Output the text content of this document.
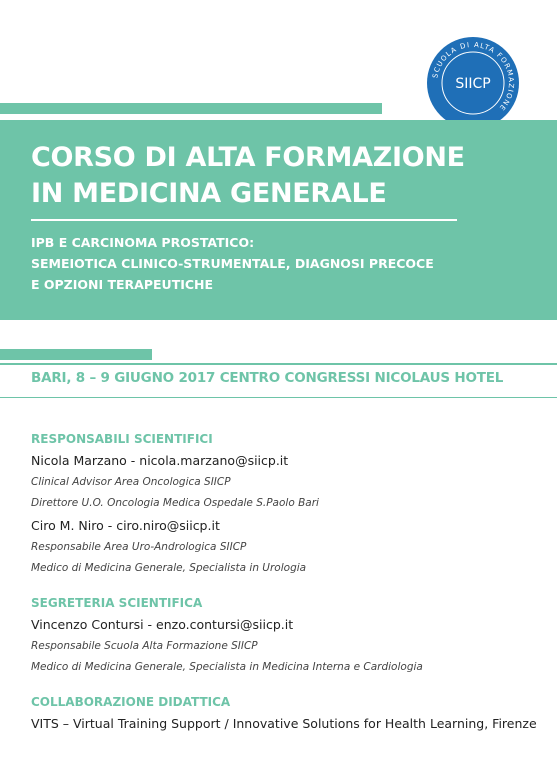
SCUOLA DI ALTA FORMAZIONE
SIICP
CORSO DI ALTA FORMAZIONE
IN MEDICINA GENERALE

IPB E CARCINOMA PROSTATICO:
SEMEIOTICA CLINICO-STRUMENTALE, DIAGNOSI PRECOCE
E OPZIONI TERAPEUTICHE

BARI, 8 – 9 GIUGNO 2017 CENTRO CONGRESSI NICOLAUS HOTEL

RESPONSABILI SCIENTIFICI

Nicola Marzano - nicola.marzano@siicp.it

Clinical Advisor Area Oncologica SIICP

Direttore U.O. Oncologia Medica Ospedale S.Paolo Bari

Ciro M. Niro - ciro.niro@siicp.it

Responsabile Area Uro-Andrologica SIICP

Medico di Medicina Generale, Specialista in Urologia

SEGRETERIA SCIENTIFICA

Vincenzo Contursi - enzo.contursi@siicp.it

Responsabile Scuola Alta Formazione SIICP

Medico di Medicina Generale, Specialista in Medicina Interna e Cardiologia

COLLABORAZIONE DIDATTICA

VITS – Virtual Training Support / Innovative Solutions for Health Learning, Firenze
